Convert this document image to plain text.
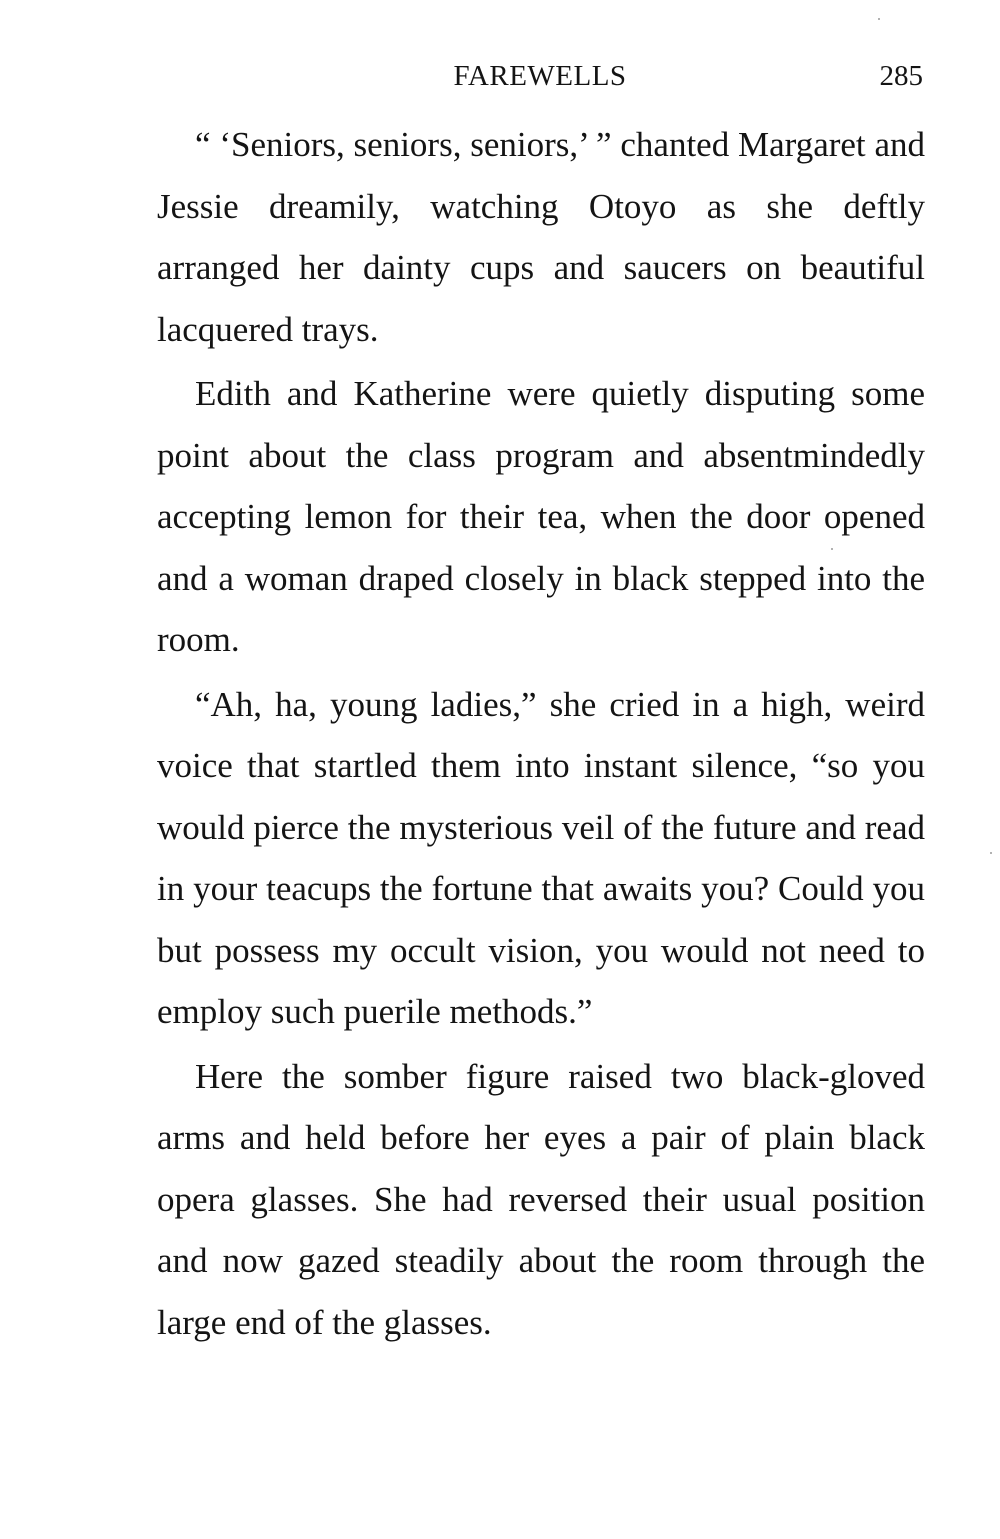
FAREWELLS	285

“ ‘Seniors, seniors, seniors,’ ” chanted Margaret and Jessie dreamily, watching Otoyo as she deftly arranged her dainty cups and saucers on beautiful lacquered trays.

Edith and Katherine were quietly disputing some point about the class program and absentmindedly accepting lemon for their tea, when the door opened and a woman draped closely in black stepped into the room.

“Ah, ha, young ladies,” she cried in a high, weird voice that startled them into instant silence, “so you would pierce the mysterious veil of the future and read in your teacups the fortune that awaits you? Could you but possess my occult vision, you would not need to employ such puerile methods.”

Here the somber figure raised two black-gloved arms and held before her eyes a pair of plain black opera glasses. She had reversed their usual position and now gazed steadily about the room through the large end of the glasses.
